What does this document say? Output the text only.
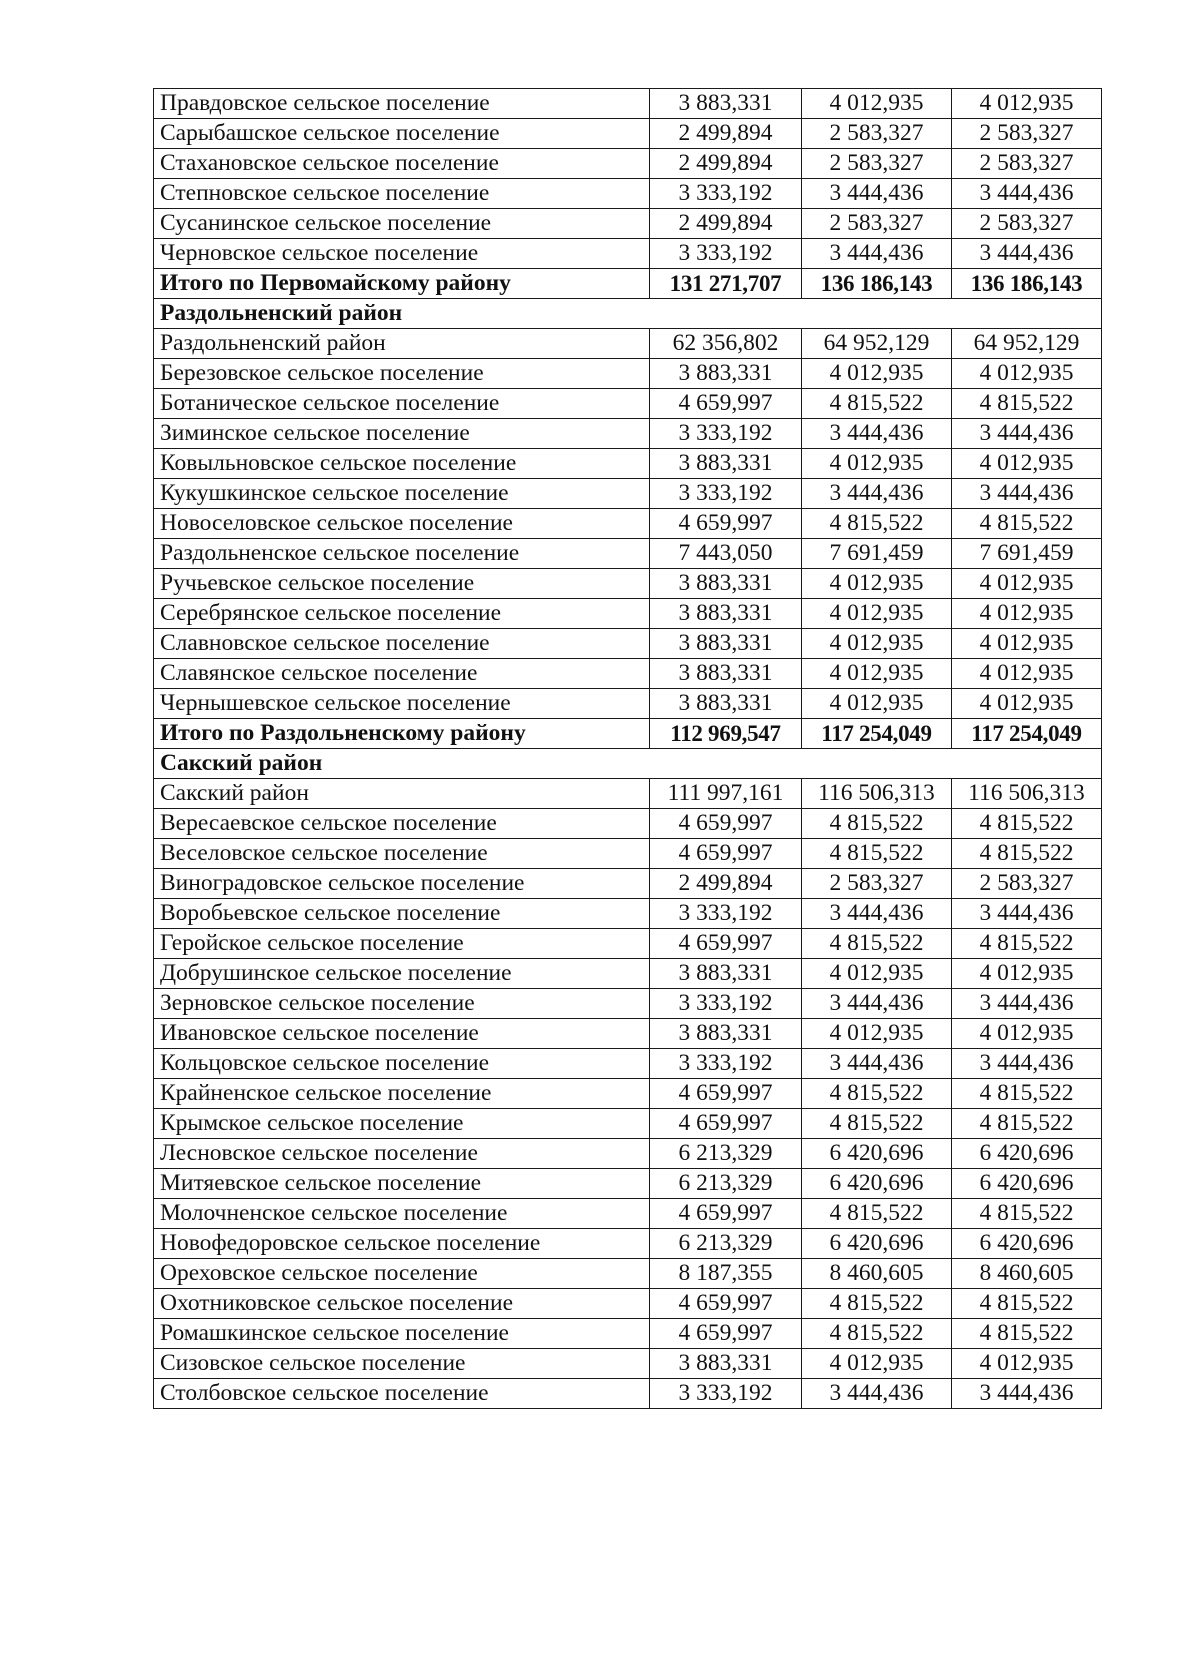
Правдовское сельское поселение	3 883,331	4 012,935	4 012,935
Сарыбашское сельское поселение	2 499,894	2 583,327	2 583,327
Стахановское сельское поселение	2 499,894	2 583,327	2 583,327
Степновское сельское поселение	3 333,192	3 444,436	3 444,436
Сусанинское сельское поселение	2 499,894	2 583,327	2 583,327
Черновское сельское поселение	3 333,192	3 444,436	3 444,436
Итого по Первомайскому району	131 271,707	136 186,143	136 186,143
Раздольненский район			
Раздольненский район	62 356,802	64 952,129	64 952,129
Березовское сельское поселение	3 883,331	4 012,935	4 012,935
Ботаническое сельское поселение	4 659,997	4 815,522	4 815,522
Зиминское сельское поселение	3 333,192	3 444,436	3 444,436
Ковыльновское сельское поселение	3 883,331	4 012,935	4 012,935
Кукушкинское сельское поселение	3 333,192	3 444,436	3 444,436
Новоселовское сельское поселение	4 659,997	4 815,522	4 815,522
Раздольненское сельское поселение	7 443,050	7 691,459	7 691,459
Ручьевское сельское поселение	3 883,331	4 012,935	4 012,935
Серебрянское сельское поселение	3 883,331	4 012,935	4 012,935
Славновское сельское поселение	3 883,331	4 012,935	4 012,935
Славянское сельское поселение	3 883,331	4 012,935	4 012,935
Чернышевское сельское поселение	3 883,331	4 012,935	4 012,935
Итого по Раздольненскому району	112 969,547	117 254,049	117 254,049
Сакский район			
Сакский район	111 997,161	116 506,313	116 506,313
Вересаевское сельское поселение	4 659,997	4 815,522	4 815,522
Веселовское сельское поселение	4 659,997	4 815,522	4 815,522
Виноградовское сельское поселение	2 499,894	2 583,327	2 583,327
Воробьевское сельское поселение	3 333,192	3 444,436	3 444,436
Геройское сельское поселение	4 659,997	4 815,522	4 815,522
Добрушинское сельское поселение	3 883,331	4 012,935	4 012,935
Зерновское сельское поселение	3 333,192	3 444,436	3 444,436
Ивановское сельское поселение	3 883,331	4 012,935	4 012,935
Кольцовское сельское поселение	3 333,192	3 444,436	3 444,436
Крайненское сельское поселение	4 659,997	4 815,522	4 815,522
Крымское сельское поселение	4 659,997	4 815,522	4 815,522
Лесновское сельское поселение	6 213,329	6 420,696	6 420,696
Митяевское сельское поселение	6 213,329	6 420,696	6 420,696
Молочненское сельское поселение	4 659,997	4 815,522	4 815,522
Новофедоровское сельское поселение	6 213,329	6 420,696	6 420,696
Ореховское сельское поселение	8 187,355	8 460,605	8 460,605
Охотниковское сельское поселение	4 659,997	4 815,522	4 815,522
Ромашкинское сельское поселение	4 659,997	4 815,522	4 815,522
Сизовское сельское поселение	3 883,331	4 012,935	4 012,935
Столбовское сельское поселение	3 333,192	3 444,436	3 444,436
